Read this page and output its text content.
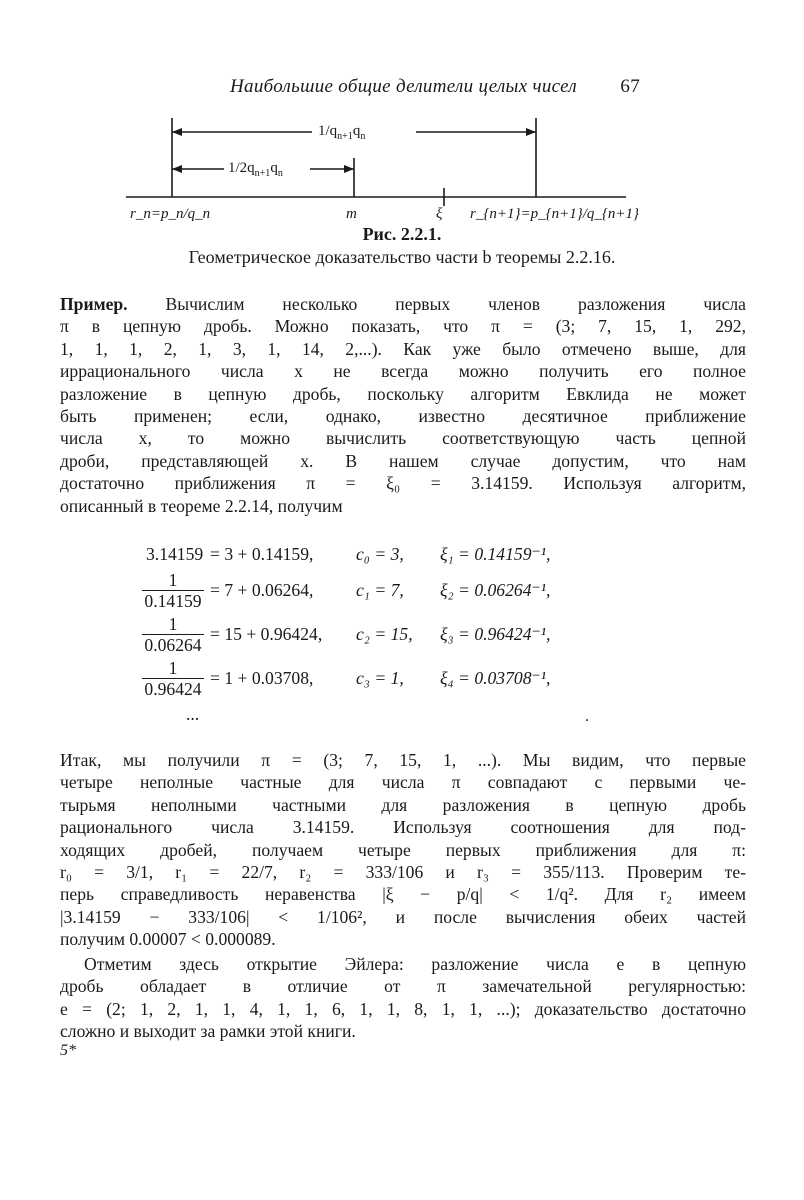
Наибольшие общие делители целых чисел 67
$1/q_{n+1}q_n$
$1/2q_{n+1}q_n$
r_n=p_n/q_n	m	ξ r_{n+1}=p_{n+1}/q_{n+1}
Рис. 2.2.1.
Геометрическое доказательство части b теоремы 2.2.16.
Пример. Вычислим несколько первых членов разложения числа
π в цепную дробь. Можно показать, что π = (3; 7, 15, 1, 292,
1, 1, 1, 2, 1, 3, 1, 14, 2,...). Как уже было отмечено выше, для
иррационального числа x не всегда можно получить его полное
разложение в цепную дробь, поскольку алгоритм Евклида не может
быть применен; если, однако, известно десятичное приближение
числа x, то можно вычислить соответствующую часть цепной
дроби, представляющей x. В нашем случае допустим, что нам
достаточно приближения π = ξ₀ = 3.14159. Используя алгоритм,
описанный в теореме 2.2.14, получим
3.14159 = 3 + 0.14159, c₀ = 3, ξ₁ = 0.14159⁻¹,
$\frac{1}{0.14159} = 7 + 0.06264$, c₁ = 7, ξ₂ = 0.06264⁻¹,
$\frac{1}{0.06264} = 15 + 0.96424$, c₂ = 15, ξ₃ = 0.96424⁻¹,
$\frac{1}{0.96424} = 1 + 0.03708$, c₃ = 1, ξ₄ = 0.03708⁻¹,
...	.
Итак, мы получили π = (3; 7, 15, 1, ...). Мы видим, что первые
четыре неполные частные для числа π совпадают с первыми че-
тырьмя неполными частными для разложения в цепную дробь
рационального числа 3.14159. Используя соотношения для под-
ходящих дробей, получаем четыре первых приближения для π:
r₀ = 3/1, r₁ = 22/7, r₂ = 333/106 и r₃ = 355/113. Проверим те-
перь справедливость неравенства |ξ − p/q| < 1/q². Для r₂ имеем
|3.14159 − 333/106| < 1/106², и после вычисления обеих частей
получим 0.00007 < 0.000089.
Отметим здесь открытие Эйлера: разложение числа e в цепную
дробь обладает в отличие от π замечательной регулярностью:
e = (2; 1, 2, 1, 1, 4, 1, 1, 6, 1, 1, 8, 1, 1, ...); доказательство достаточно
сложно и выходит за рамки этой книги.
5*
